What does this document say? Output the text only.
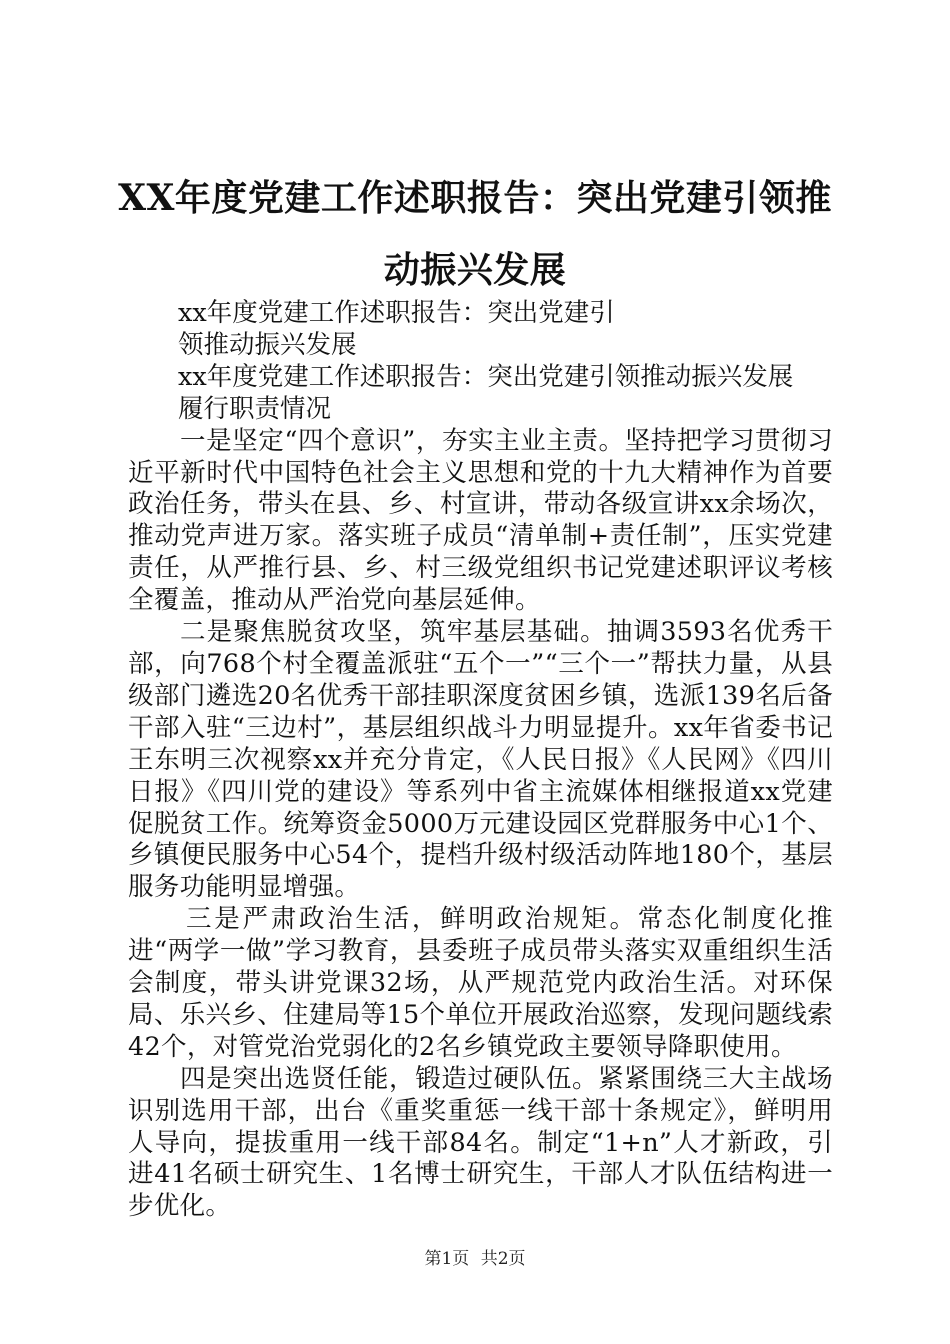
XX年度党建工作述职报告：突出党建引领推动振兴发展
xx年度党建工作述职报告：突出党建引
领推动振兴发展
xx年度党建工作述职报告：突出党建引领推动振兴发展
履行职责情况

一是坚定“四个意识”，夯实主业主责。坚持把学习贯彻习近平新时代中国特色社会主义思想和党的十九大精神作为首要政治任务，带头在县、乡、村宣讲，带动各级宣讲xx余场次，推动党声进万家。落实班子成员“清单制+责任制”，压实党建责任，从严推行县、乡、村三级党组织书记党建述职评议考核全覆盖，推动从严治党向基层延伸。

二是聚焦脱贫攻坚，筑牢基层基础。抽调3593名优秀干部，向768个村全覆盖派驻“五个一”“三个一”帮扶力量，从县级部门遴选20名优秀干部挂职深度贫困乡镇，选派139名后备干部入驻“三边村”，基层组织战斗力明显提升。xx年省委书记王东明三次视察xx并充分肯定，《人民日报》《人民网》《四川日报》《四川党的建设》等系列中省主流媒体相继报道xx党建促脱贫工作。统筹资金5000万元建设园区党群服务中心1个、乡镇便民服务中心54个，提档升级村级活动阵地180个，基层服务功能明显增强。

三是严肃政治生活，鲜明政治规矩。常态化制度化推进“两学一做”学习教育，县委班子成员带头落实双重组织生活会制度，带头讲党课32场，从严规范党内政治生活。对环保局、乐兴乡、住建局等15个单位开展政治巡察，发现问题线索42个，对管党治党弱化的2名乡镇党政主要领导降职使用。

四是突出选贤任能，锻造过硬队伍。紧紧围绕三大主战场识别选用干部，出台《重奖重惩一线干部十条规定》，鲜明用人导向，提拔重用一线干部84名。制定“1+n”人才新政，引进41名硕士研究生、1名博士研究生，干部人才队伍结构进一步优化。

第1页 共2页
